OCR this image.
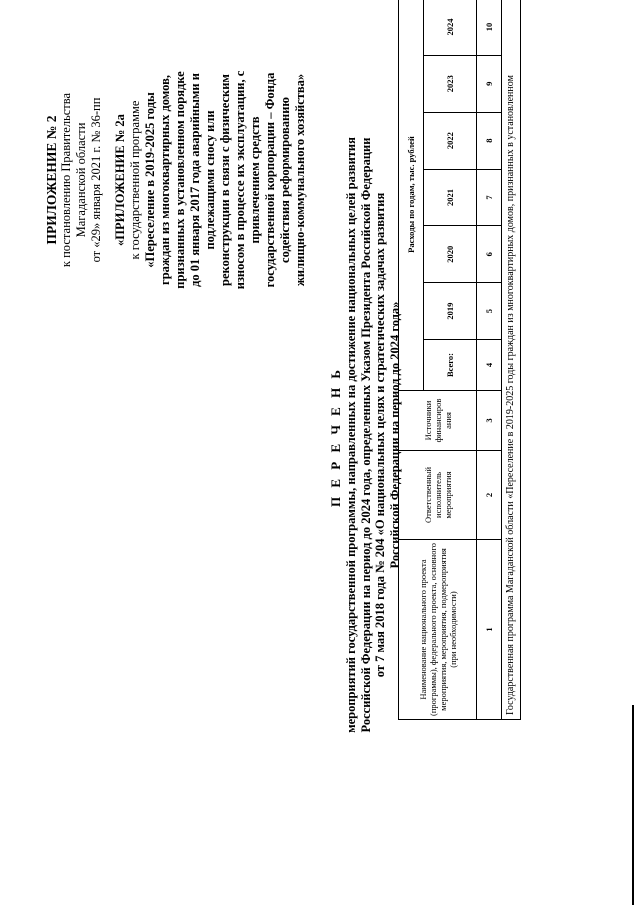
ПРИЛОЖЕНИЕ № 2 к постановлению Правительства Магаданской области от «29» января 2021 г. № 36-пп «ПРИЛОЖЕНИЕ № 2а к государственной программе «Переселение в 2019-2025 годы граждан из многоквартирных домов, признанных в установленном порядке до 01 января 2017 года аварийными и подлежащими сносу или реконструкции в связи с физическим износом в процессе их эксплуатации, с привлечением средств государственной корпорации – Фонда содействия реформированию жилищно-коммунального хозяйства»
П Е Р Е Ч Е Н Ь мероприятий государственной программы, направленных на достижение национальных целей развития Российской Федерации на период до 2024 года, определенных Указом Президента Российской Федерации от 7 мая 2018 года № 204 «О национальных целях и стратегических задачах развития Российской Федерации на период до 2024 года»
Наименование национального проекта (программы), федерального проекта, основного мероприятия, мероприятия, подмероприятия (при необходимости)	Ответственный исполнитель мероприятия	Источники финансиров ания	Расходы по годам, тыс. рублей						
			Всего:	2019	2020	2021	2022	2023	2024
1	2	3	4	5	6	7	8	9	10
Государственная программа Магаданской области «Переселение в 2019-2025 годы граждан из многоквартирных домов, признанных в установленном									
